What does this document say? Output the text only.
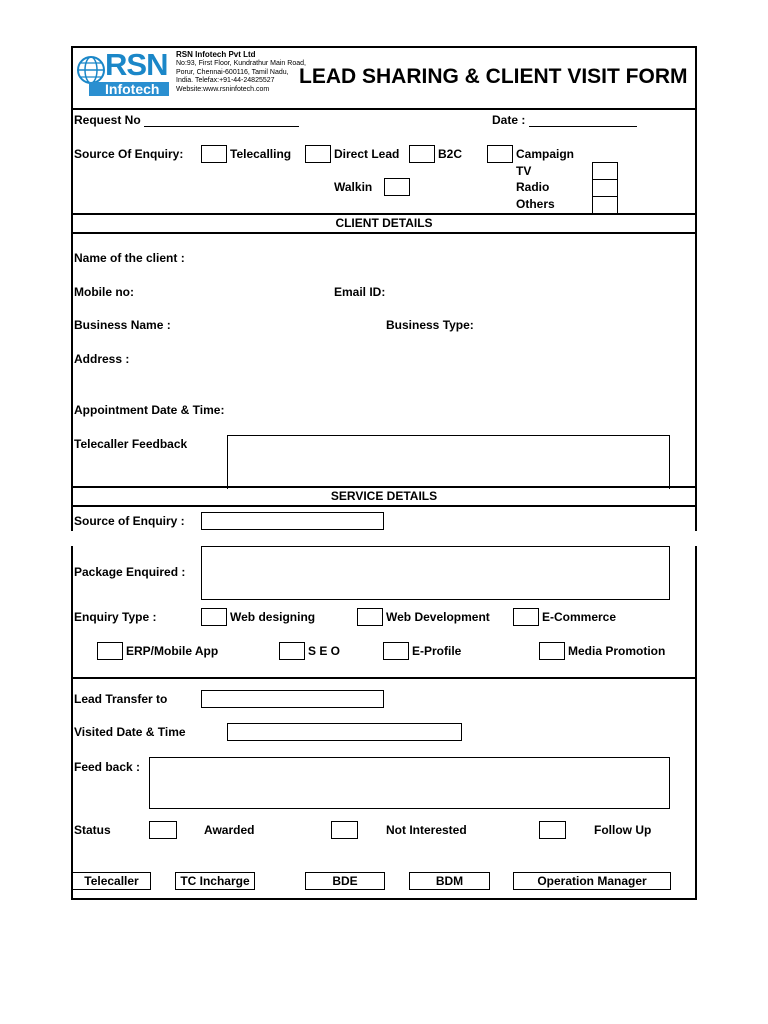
RSN
Infotech
RSN Infotech Pvt Ltd
No:93, First Floor, Kundrathur Main Road,
Porur, Chennai-600116, Tamil Nadu,
India. Telefax:+91-44-24825527
Website:www.rsninfotech.com
LEAD SHARING & CLIENT VISIT FORM
Request No	Date :
Source Of Enquiry:	Telecalling	Direct Lead	B2C	Campaign
TV
Radio
Others
Walkin
CLIENT DETAILS
Name of the client :
Mobile no:	Email ID:
Business Name :	Business Type:
Address :
Appointment Date & Time:
Telecaller Feedback
SERVICE DETAILS
Source of Enquiry :
Package Enquired :
Enquiry Type :	Web designing	Web Development	E-Commerce
ERP/Mobile App	S E O	E-Profile	Media Promotion
Lead Transfer to
Visited Date & Time
Feed back :
Status	Awarded	Not Interested	Follow Up
Telecaller	TC Incharge	BDE	BDM	Operation Manager
